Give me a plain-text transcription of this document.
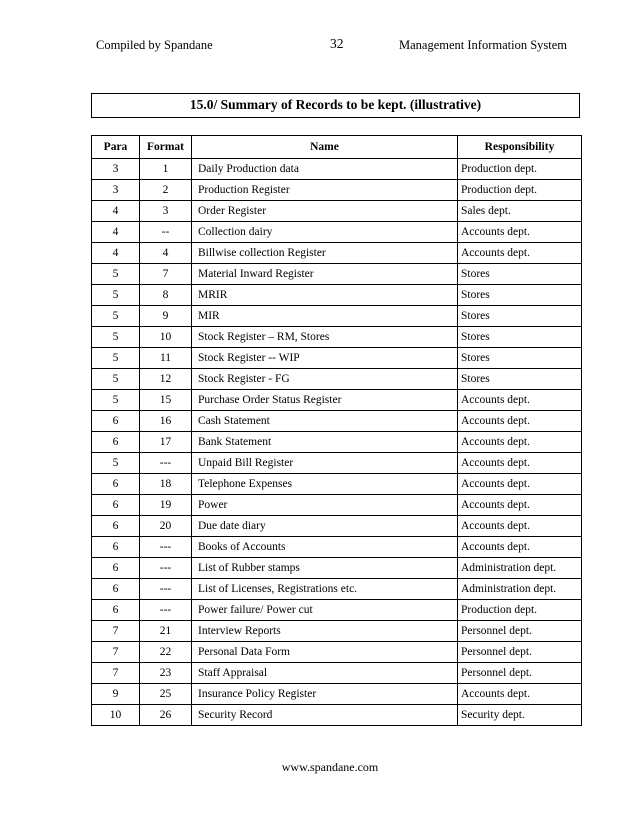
Compiled by Spandane	32	Management Information System
15.0/ Summary of Records to be kept. (illustrative)
Para	Format	Name	Responsibility
3	1	Daily Production data	Production dept.
3	2	Production Register	Production dept.
4	3	Order Register	Sales dept.
4	--	Collection dairy	Accounts dept.
4	4	Billwise collection Register	Accounts dept.
5	7	Material Inward Register	Stores
5	8	MRIR	Stores
5	9	MIR	Stores
5	10	Stock Register – RM, Stores	Stores
5	11	Stock Register -- WIP	Stores
5	12	Stock Register - FG	Stores
5	15	Purchase Order Status Register	Accounts dept.
6	16	Cash Statement	Accounts dept.
6	17	Bank Statement	Accounts dept.
5	---	Unpaid Bill Register	Accounts dept.
6	18	Telephone Expenses	Accounts dept.
6	19	Power	Accounts dept.
6	20	Due date diary	Accounts dept.
6	---	Books of Accounts	Accounts dept.
6	---	List of Rubber stamps	Administration dept.
6	---	List of Licenses, Registrations etc.	Administration dept.
6	---	Power failure/ Power cut	Production dept.
7	21	Interview Reports	Personnel dept.
7	22	Personal Data Form	Personnel dept.
7	23	Staff Appraisal	Personnel dept.
9	25	Insurance Policy Register	Accounts dept.
10	26	Security Record	Security dept.
www.spandane.com
